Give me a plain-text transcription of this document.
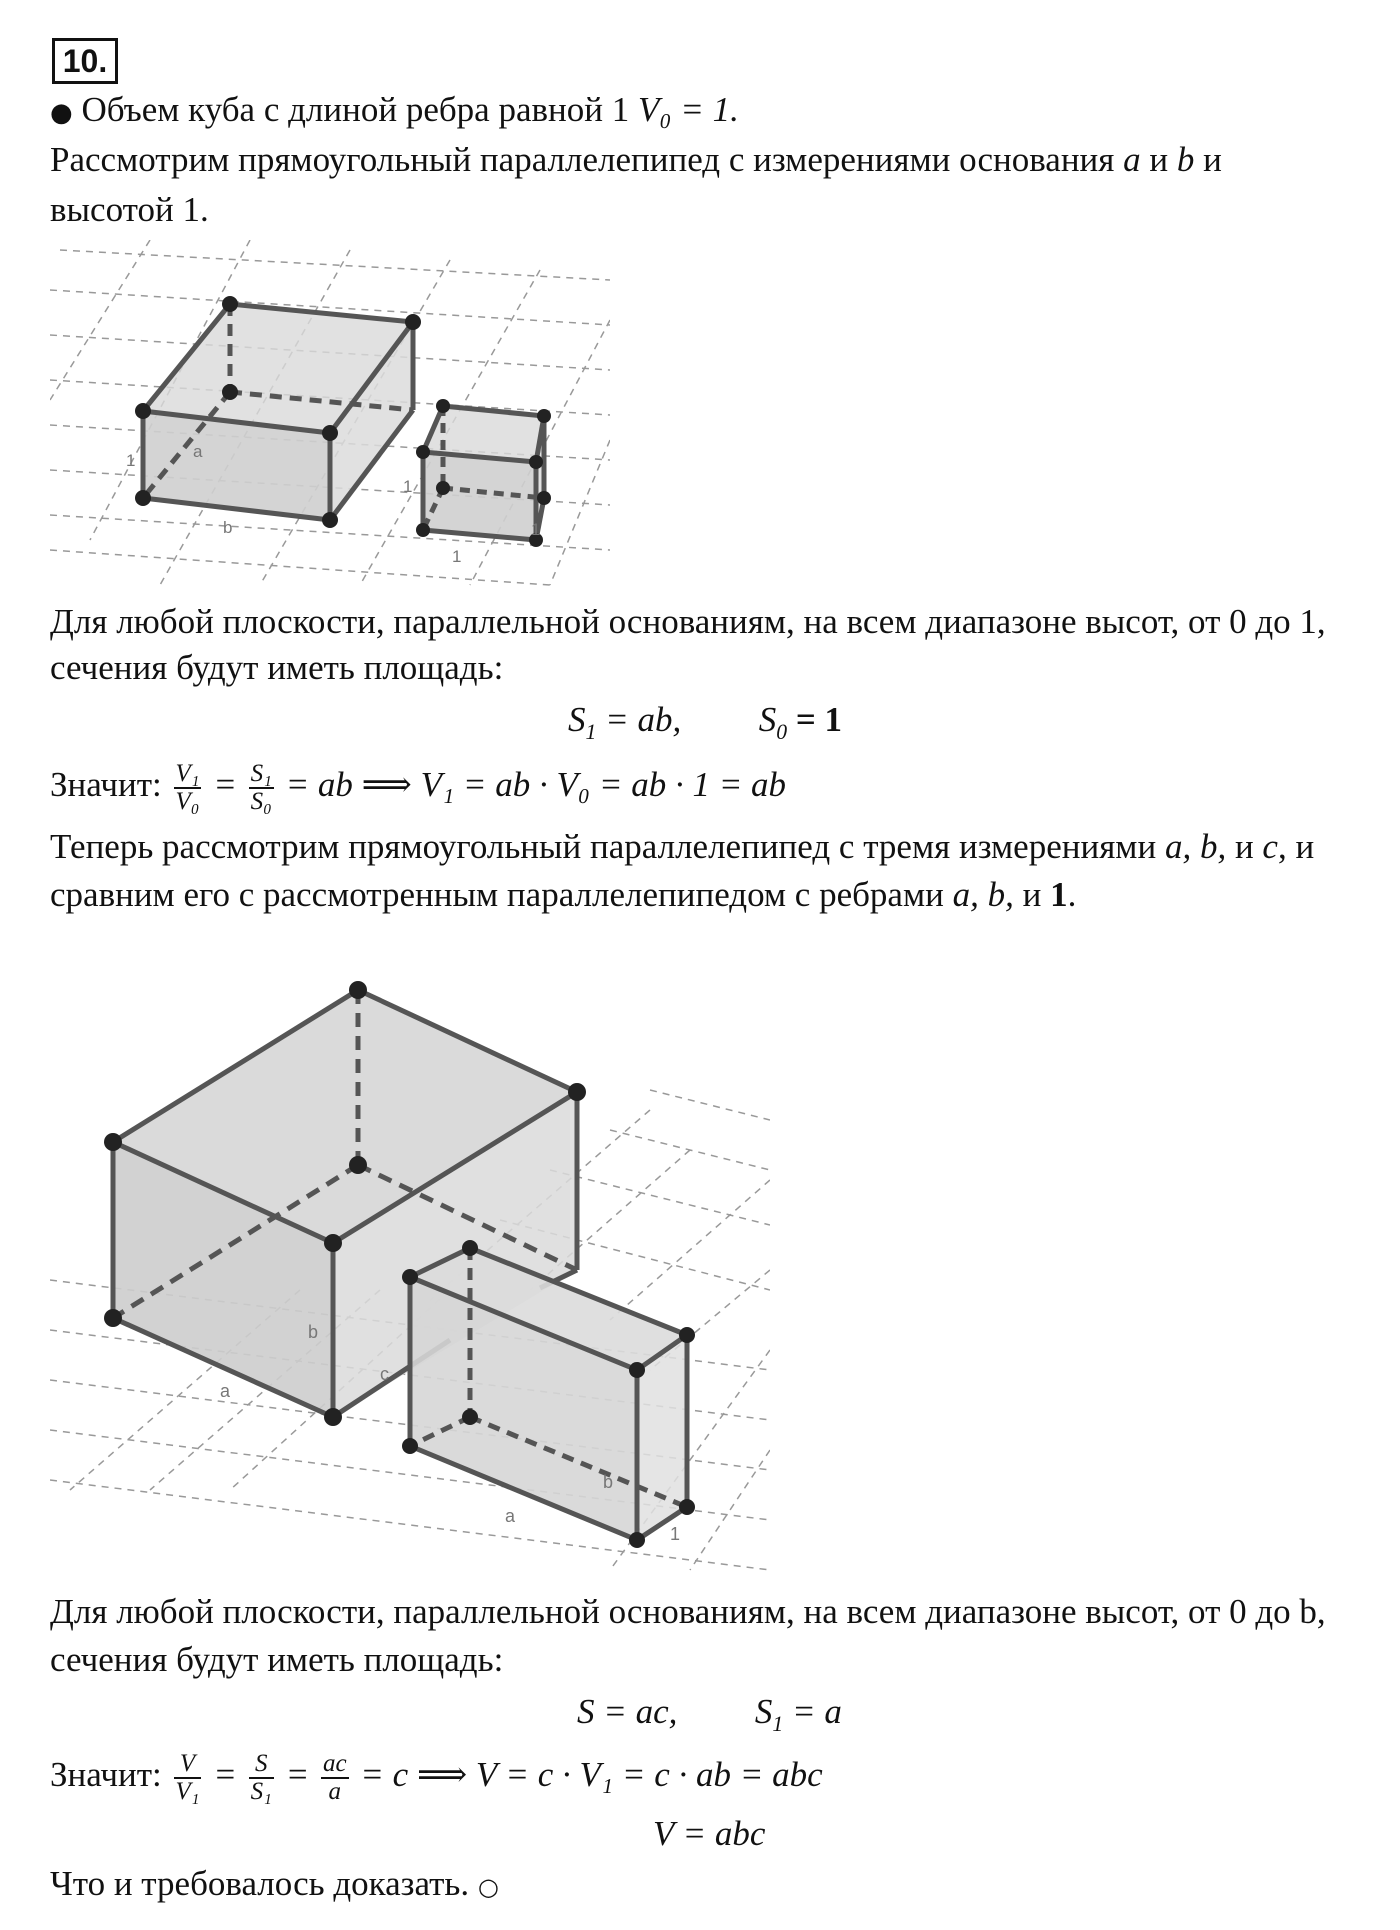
10.
● Объем куба с длиной ребра равной 1 V₀ = 1.
Рассмотрим прямоугольный параллелепипед с измерениями основания a и b и
высотой 1.
a
b
1
1
1
1
Для любой плоскости, параллельной основаниям, на всем диапазоне высот, от 0 до 1,
сечения будут иметь площадь:
$S_1$ = ab, $S_0 = 1$
Значит: $\frac{\text{V₁}}{\text{V₀}} = \frac{\text{S₁}}{\text{S₀}}$ = ab ⟹ V₁ = ab · V₀ = ab · 1 = ab
Теперь рассмотрим прямоугольный параллелепипед с тремя измерениями a, b, и c, и
сравним его с рассмотренным параллелепипедом с ребрами a, b, и 1.
b
a
c
b
a
1
Для любой плоскости, параллельной основаниям, на всем диапазоне высот, от 0 до b,
сечения будут иметь площадь:
S = ac, $S_1 = a$
Значит: $\frac{V}{\text{V₁}} = \frac{S}{\text{S₁}} = \frac{ac}{a} = c$ ⟹ V = c · V₁ = c · ab = abc
V = abc
Что и требовалось доказать. ○
